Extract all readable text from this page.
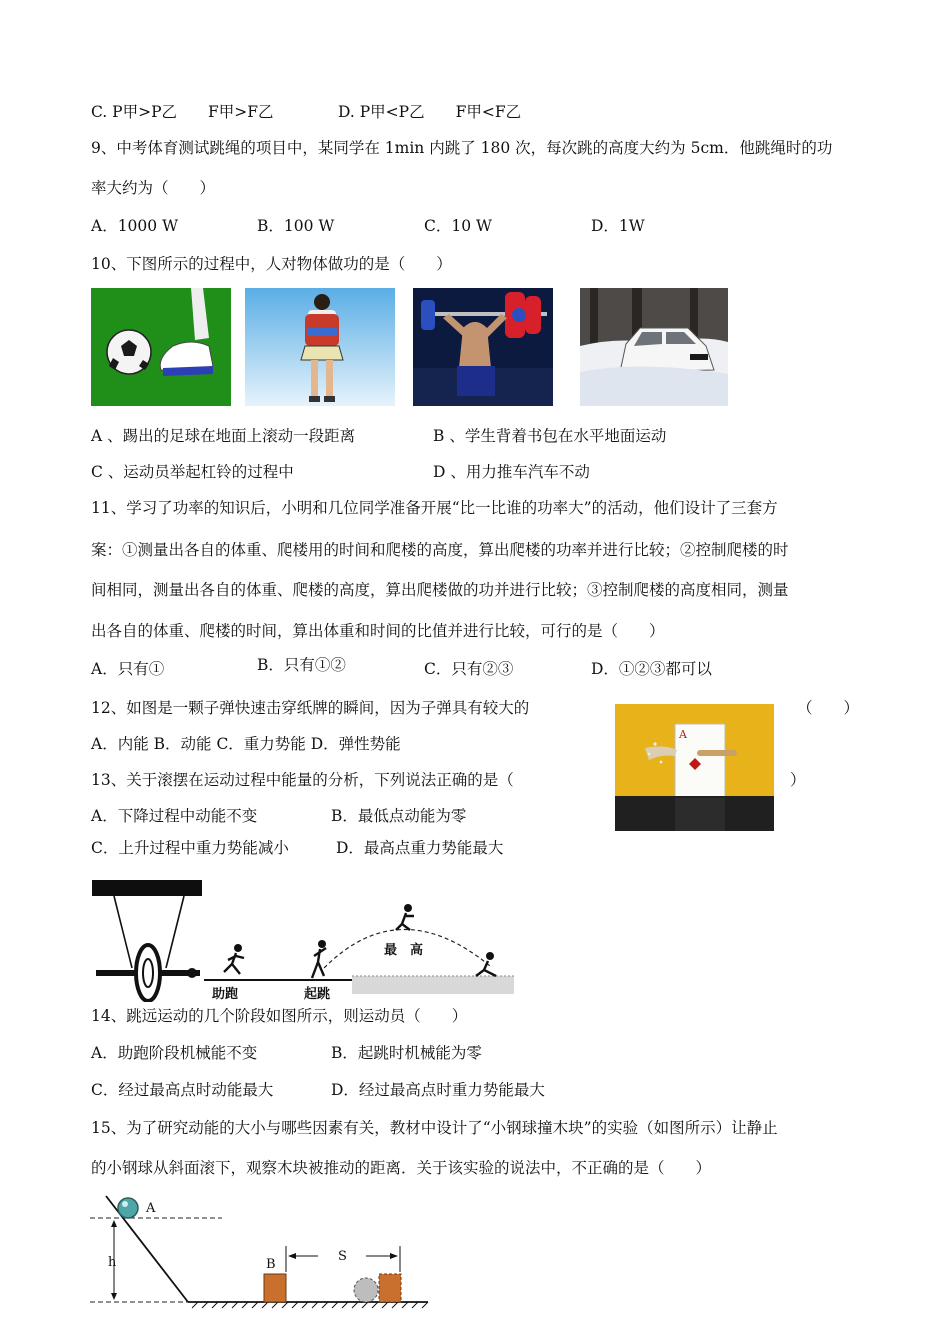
C. P甲>P乙　　F甲>F乙	D. P甲<P乙　　F甲<F乙
9、中考体育测试跳绳的项目中，某同学在 1min 内跳了 180 次，每次跳的高度大约为 5cm．他跳绳时的功
率大约为（　　）
A．1000 W	B．100 W	C．10 W	D．1W
10、下图所示的过程中，人对物体做功的是（　　）
A 、踢出的足球在地面上滚动一段距离	B 、学生背着书包在水平地面运动
C 、运动员举起杠铃的过程中	D 、用力推车汽车不动
11、学习了功率的知识后，小明和几位同学准备开展“比一比谁的功率大”的活动，他们设计了三套方
案：①测量出各自的体重、爬楼用的时间和爬楼的高度，算出爬楼的功率并进行比较；②控制爬楼的时
间相同，测量出各自的体重、爬楼的高度，算出爬楼做的功并进行比较；③控制爬楼的高度相同，测量
出各自的体重、爬楼的时间，算出体重和时间的比值并进行比较，可行的是（　　）
A．只有①	B．只有①②	C．只有②③	D．①②③都可以
12、如图是一颗子弹快速击穿纸牌的瞬间，因为子弹具有较大的	（　　）
A．内能 B．动能 C．重力势能 D．弹性势能
A
13、关于滚摆在运动过程中能量的分析，下列说法正确的是（	）
A．下降过程中动能不变	B．最低点动能为零
C．上升过程中重力势能减小	D．最高点重力势能最大
助跑	起跳
最　高
14、跳远运动的几个阶段如图所示，则运动员（　　）
A．助跑阶段机械能不变	B．起跳时机械能为零
C．经过最高点时动能最大	D．经过最高点时重力势能最大
15、为了研究动能的大小与哪些因素有关，教材中设计了“小钢球撞木块”的实验（如图所示）让静止
的小钢球从斜面滚下，观察木块被推动的距离．关于该实验的说法中，不正确的是（　　）
A
h	B
S
